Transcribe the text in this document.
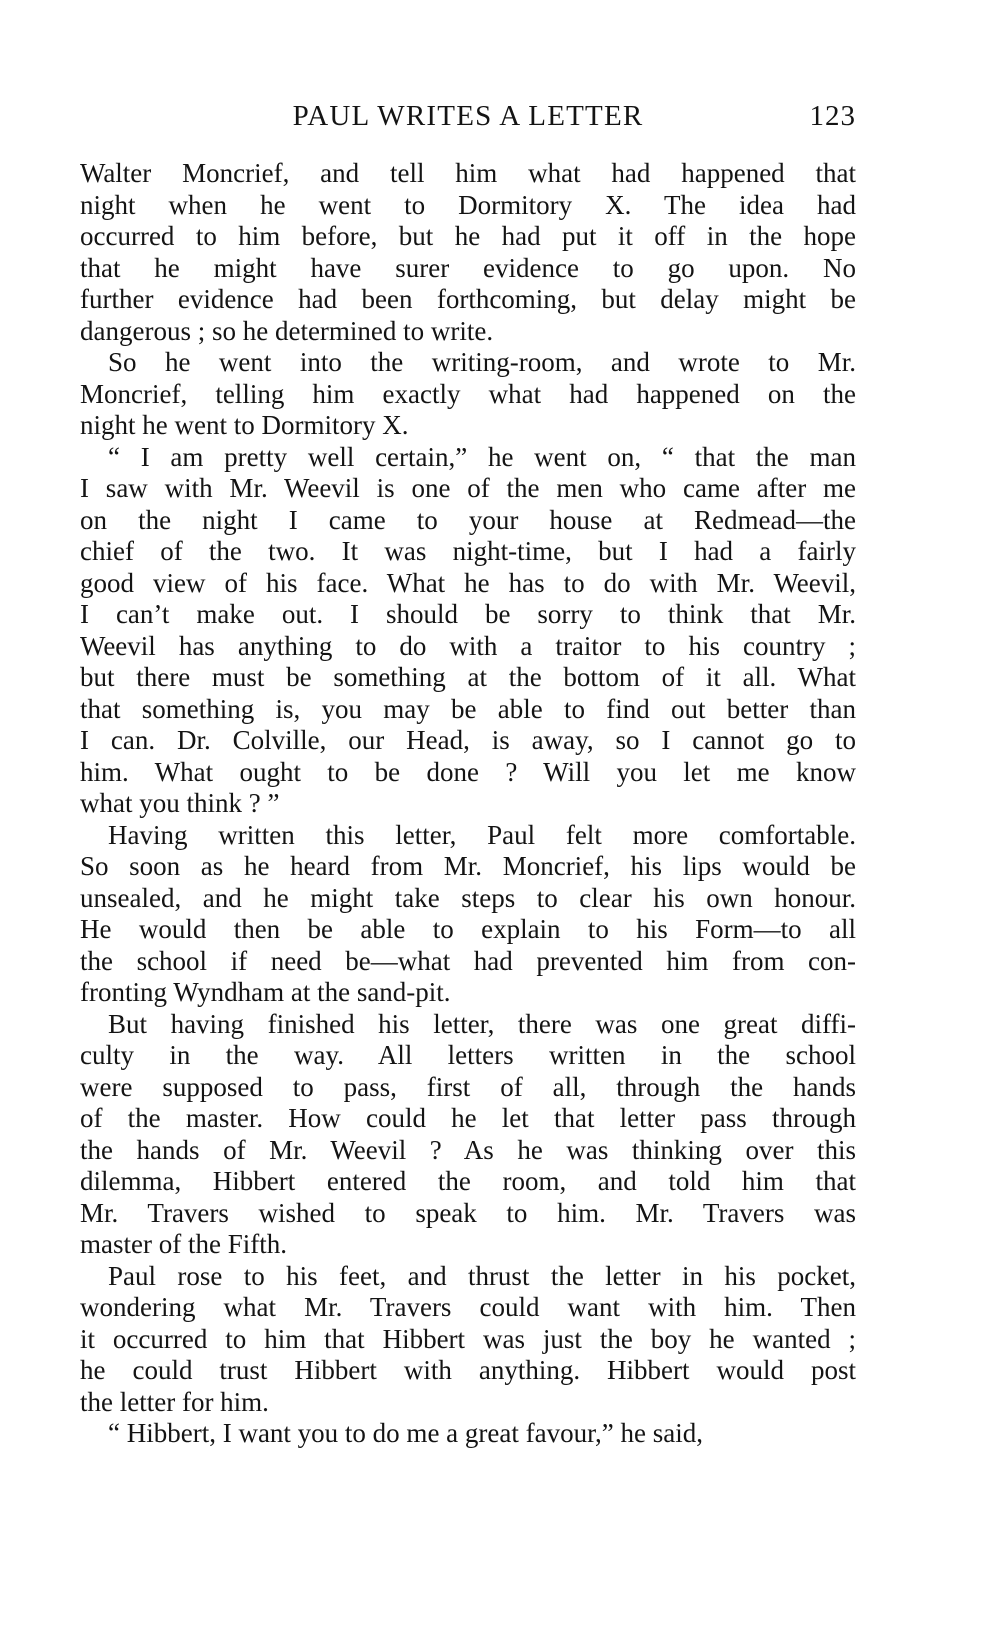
PAUL WRITES A LETTER	123

Walter Moncrief, and tell him what had happened that
night when he went to Dormitory X. The idea had
occurred to him before, but he had put it off in the hope
that he might have surer evidence to go upon. No
further evidence had been forthcoming, but delay might be
dangerous ; so he determined to write.

So he went into the writing-room, and wrote to Mr.
Moncrief, telling him exactly what had happened on the
night he went to Dormitory X.

“ I am pretty well certain,” he went on, “ that the man
I saw with Mr. Weevil is one of the men who came after me
on the night I came to your house at Redmead—the
chief of the two. It was night-time, but I had a fairly
good view of his face. What he has to do with Mr. Weevil,
I can’t make out. I should be sorry to think that Mr.
Weevil has anything to do with a traitor to his country ;
but there must be something at the bottom of it all. What
that something is, you may be able to find out better than
I can. Dr. Colville, our Head, is away, so I cannot go to
him. What ought to be done ? Will you let me know
what you think ? ”

Having written this letter, Paul felt more comfortable.
So soon as he heard from Mr. Moncrief, his lips would be
unsealed, and he might take steps to clear his own honour.
He would then be able to explain to his Form—to all
the school if need be—what had prevented him from con-
fronting Wyndham at the sand-pit.

But having finished his letter, there was one great diffi-
culty in the way. All letters written in the school
were supposed to pass, first of all, through the hands
of the master. How could he let that letter pass through
the hands of Mr. Weevil ? As he was thinking over this
dilemma, Hibbert entered the room, and told him that
Mr. Travers wished to speak to him. Mr. Travers was
master of the Fifth.

Paul rose to his feet, and thrust the letter in his pocket,
wondering what Mr. Travers could want with him. Then
it occurred to him that Hibbert was just the boy he wanted ;
he could trust Hibbert with anything. Hibbert would post
the letter for him.

“ Hibbert, I want you to do me a great favour,” he said,
